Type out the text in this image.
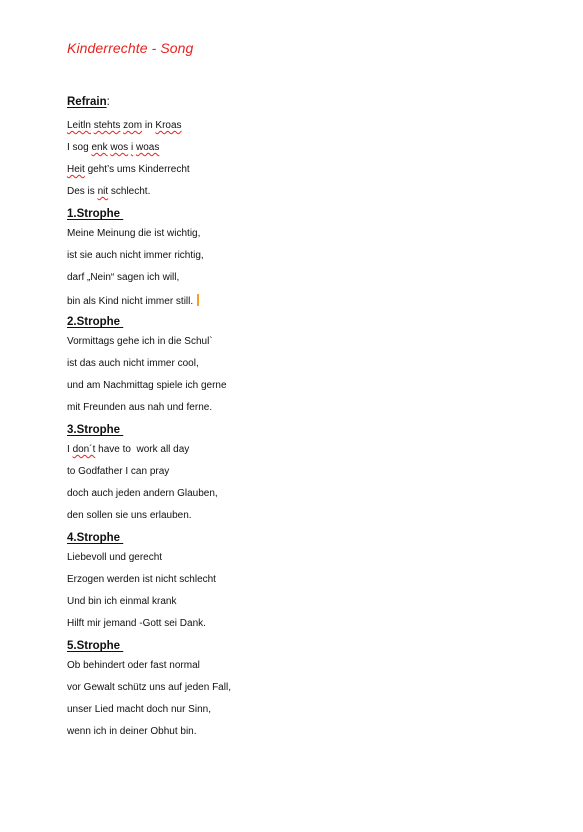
Kinderrechte - Song
Refrain:
Leitln stehts zom in Kroas
I sog enk wos i woas
Heit geht’s ums Kinderrecht
Des is nit schlecht.
1.Strophe
Meine Meinung die ist wichtig,
ist sie auch nicht immer richtig,
darf „Nein“ sagen ich will,
bin als Kind nicht immer still.
2.Strophe
Vormittags gehe ich in die Schul`
ist das auch nicht immer cool,
und am Nachmittag spiele ich gerne
mit Freunden aus nah und ferne.
3.Strophe
I don´t have to  work all day
to Godfather I can pray
doch auch jeden andern Glauben,
den sollen sie uns erlauben.
4.Strophe
Liebevoll und gerecht
Erzogen werden ist nicht schlecht
Und bin ich einmal krank
Hilft mir jemand -Gott sei Dank.
5.Strophe
Ob behindert oder fast normal
vor Gewalt schütz uns auf jeden Fall,
unser Lied macht doch nur Sinn,
wenn ich in deiner Obhut bin.
